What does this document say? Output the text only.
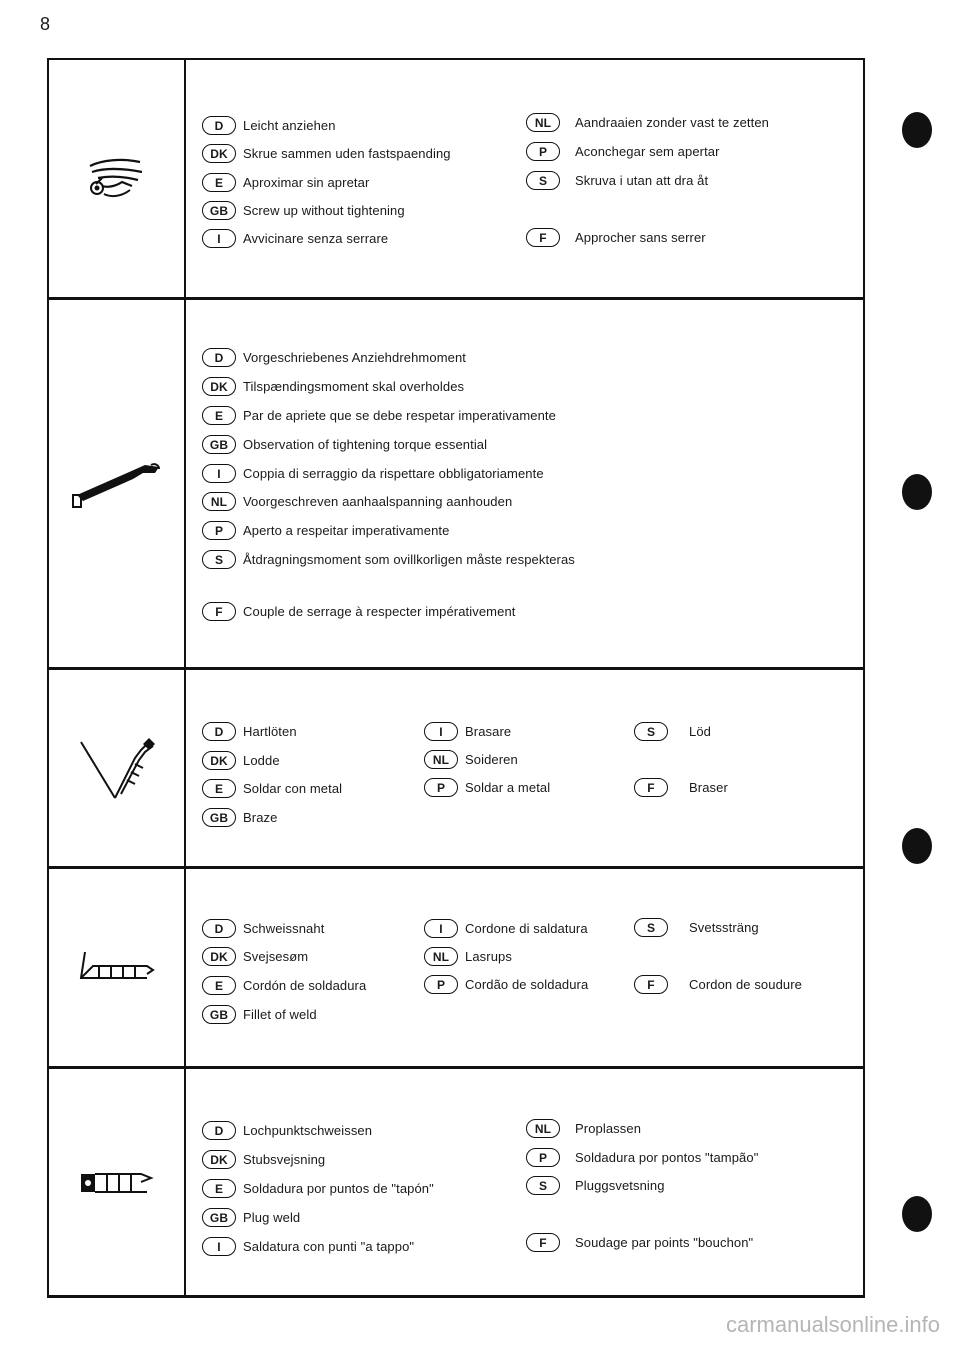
8
D	Leicht anziehen
DK	Skrue sammen uden fastspaending
E	Aproximar sin apretar
GB	Screw up without tightening
I	Avvicinare senza serrare
NL	Aandraaien zonder vast te zetten
P	Aconchegar sem apertar
S	Skruva i utan att dra åt
F	Approcher sans serrer
D	Vorgeschriebenes Anziehdrehmoment
DK	Tilspændingsmoment skal overholdes
E	Par de apriete que se debe respetar imperativamente
GB	Observation of tightening torque essential
I	Coppia di serraggio da rispettare obbligatoriamente
NL	Voorgeschreven aanhaalspanning aanhouden
P	Aperto a respeitar imperativamente
S	Åtdragningsmoment som ovillkorligen måste respekteras
F	Couple de serrage à respecter impérativement
D	Hartlöten
DK	Lodde
E	Soldar con metal
GB	Braze
I	Brasare
NL	Soideren
P	Soldar a metal
S	Löd
F	Braser
D	Schweissnaht
DK	Svejsesøm
E	Cordón de soldadura
GB	Fillet of weld
I	Cordone di saldatura
NL	Lasrups
P	Cordão de soldadura
S	Svetssträng
F	Cordon de soudure
D	Lochpunktschweissen
DK	Stubsvejsning
E	Soldadura por puntos de "tapón"
GB	Plug weld
I	Saldatura con punti "a tappo"
NL	Proplassen
P	Soldadura por pontos "tampão"
S	Pluggsvetsning
F	Soudage par points "bouchon"
carmanualsonline.info
